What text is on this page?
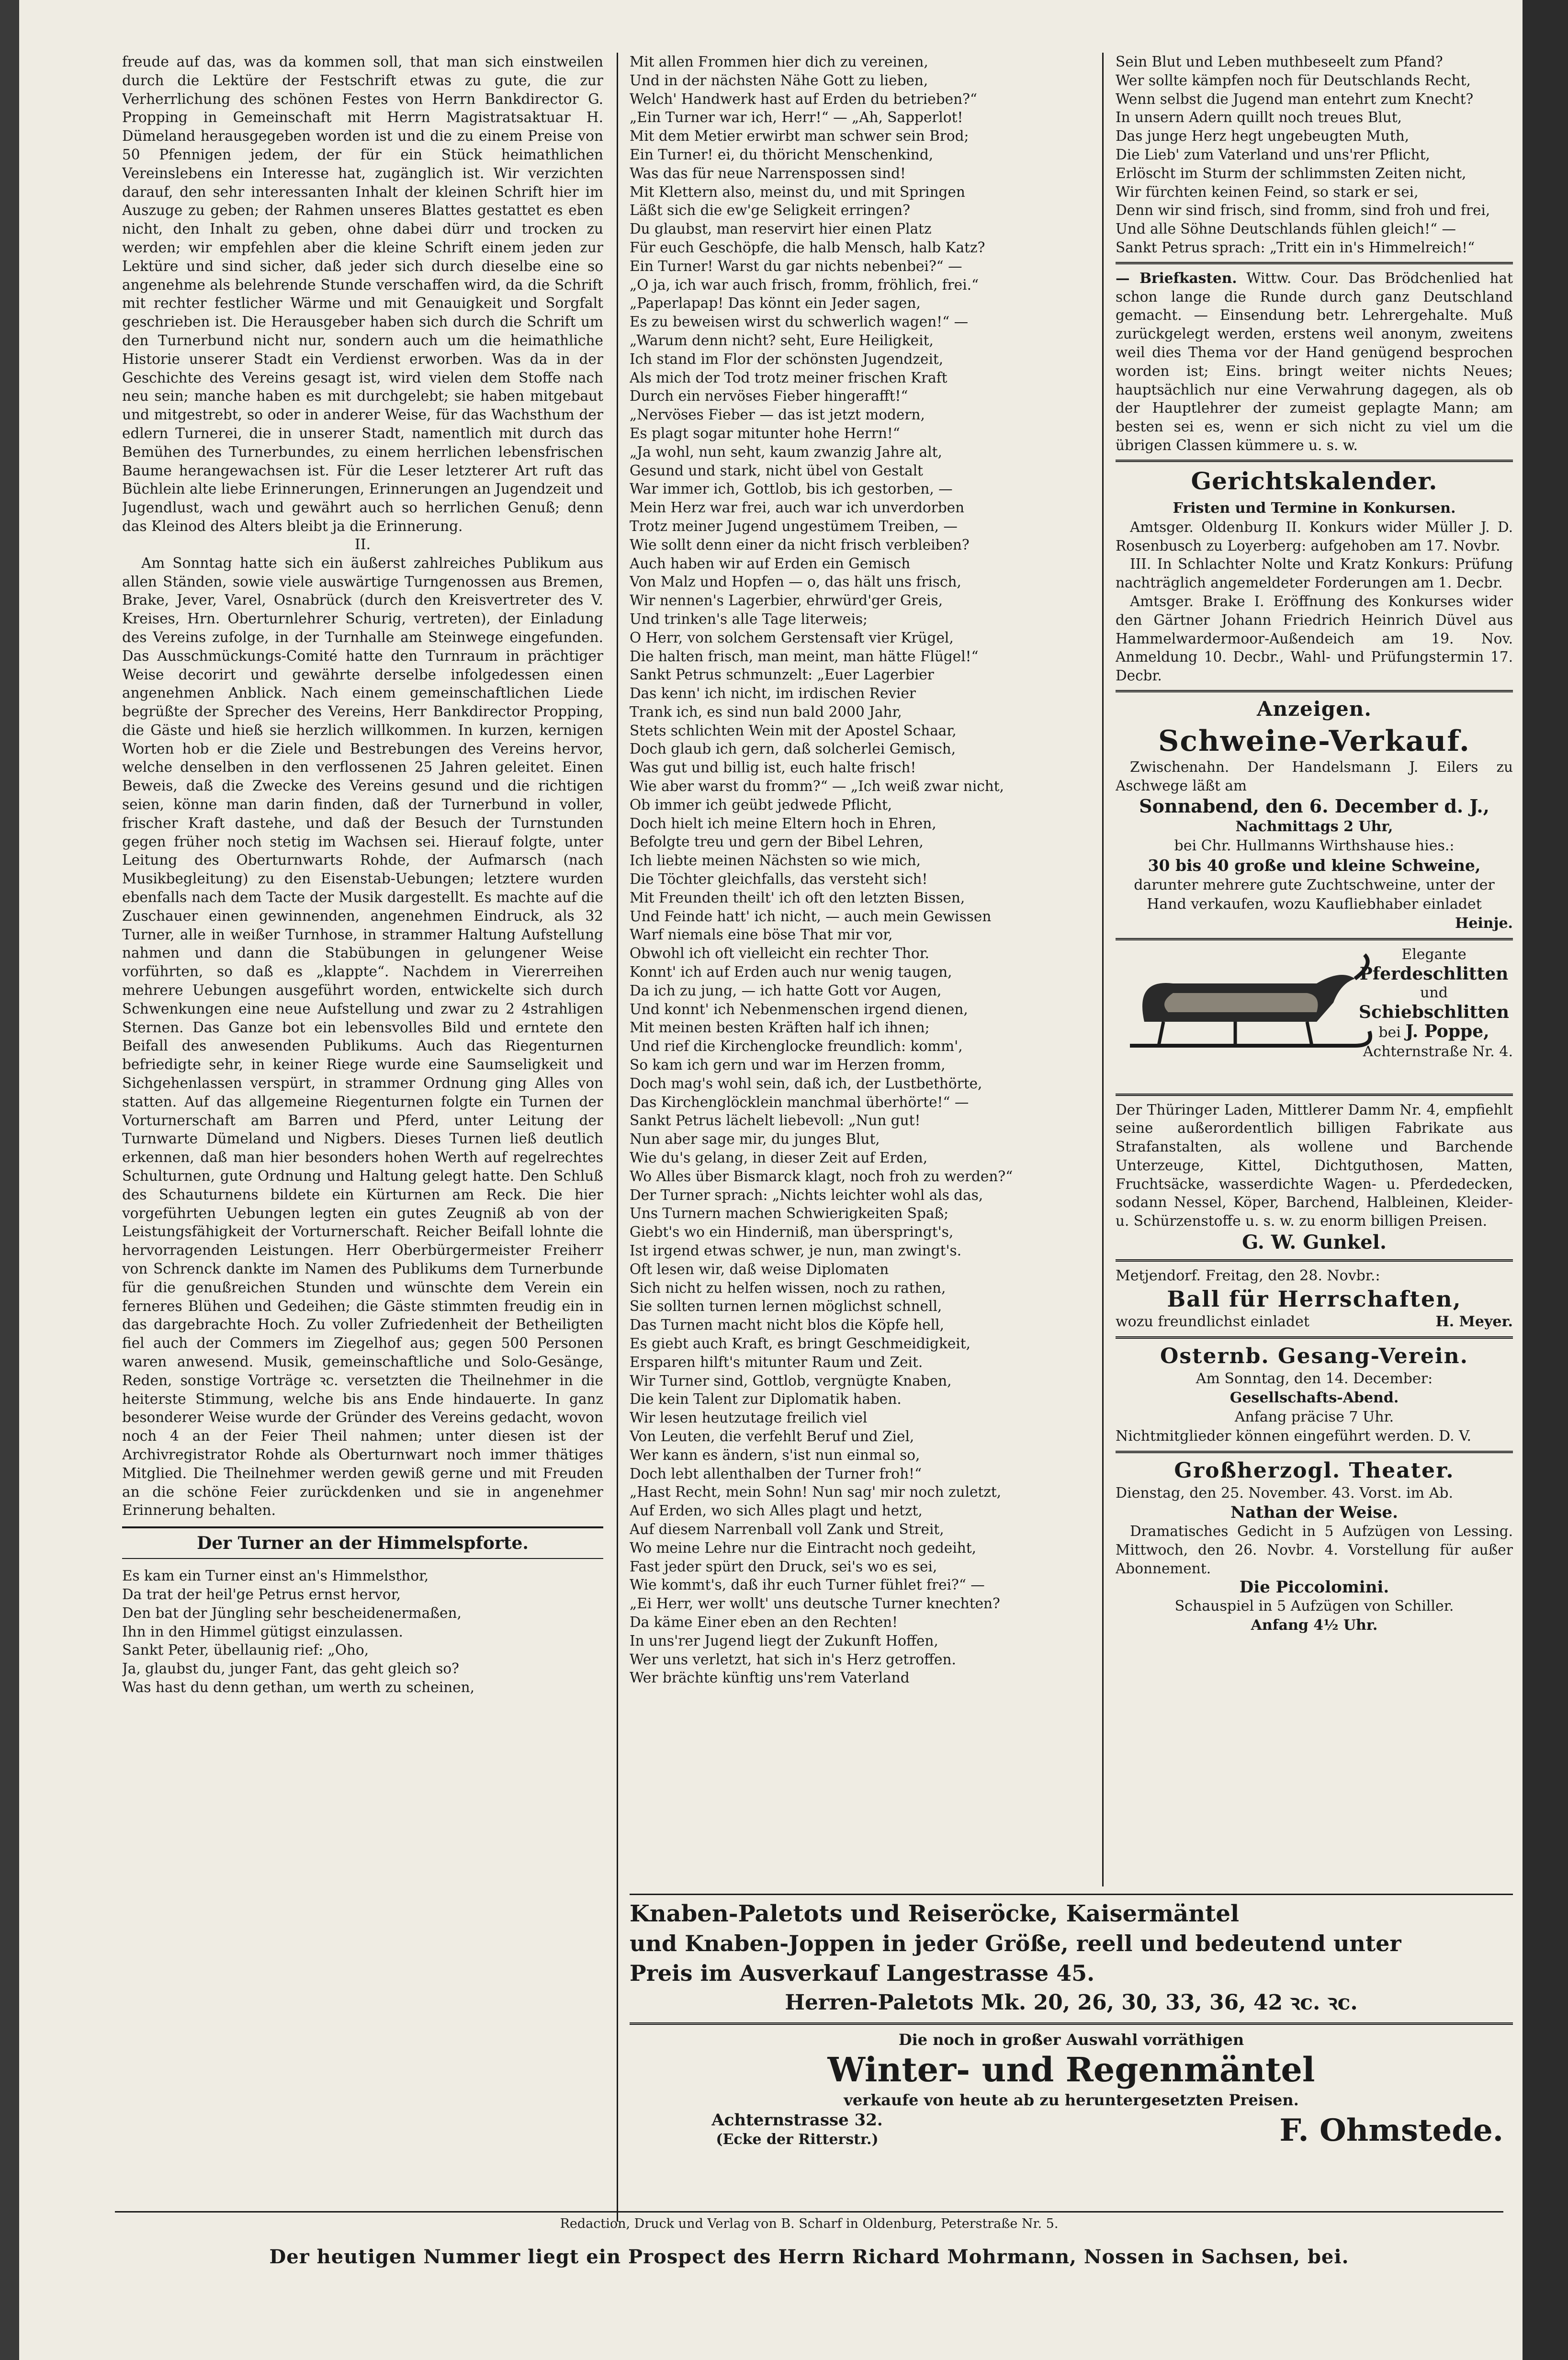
freude auf das, was da kommen soll, that man sich einstweilen durch die Lektüre der Festschrift etwas zu gute, die zur Verherrlichung des schönen Festes von Herrn Bankdirector G. Propping in Gemeinschaft mit Herrn Magistratsaktuar H. Dümeland herausgegeben worden ist und die zu einem Preise von 50 Pfennigen jedem, der für ein Stück heimathlichen Vereinslebens ein Interesse hat, zugänglich ist. Wir verzichten darauf, den sehr interessanten Inhalt der kleinen Schrift hier im Auszuge zu geben; der Rahmen unseres Blattes gestattet es eben nicht, den Inhalt zu geben, ohne dabei dürr und trocken zu werden; wir empfehlen aber die kleine Schrift einem jeden zur Lektüre und sind sicher, daß jeder sich durch dieselbe eine so angenehme als belehrende Stunde verschaffen wird, da die Schrift mit rechter festlicher Wärme und mit Genauigkeit und Sorgfalt geschrieben ist. Die Herausgeber haben sich durch die Schrift um den Turnerbund nicht nur, sondern auch um die heimathliche Historie unserer Stadt ein Verdienst erworben. Was da in der Geschichte des Vereins gesagt ist, wird vielen dem Stoffe nach neu sein; manche haben es mit durchgelebt; sie haben mitgebaut und mitgestrebt, so oder in anderer Weise, für das Wachsthum der edlern Turnerei, die in unserer Stadt, namentlich mit durch das Bemühen des Turnerbundes, zu einem herrlichen lebensfrischen Baume herangewachsen ist. Für die Leser letzterer Art ruft das Büchlein alte liebe Erinnerungen, Erinnerungen an Jugendzeit und Jugendlust, wach und gewährt auch so herrlichen Genuß; denn das Kleinod des Alters bleibt ja die Erinnerung.

II.

Am Sonntag hatte sich ein äußerst zahlreiches Publikum aus allen Ständen, sowie viele auswärtige Turngenossen aus Bremen, Brake, Jever, Varel, Osnabrück (durch den Kreisvertreter des V. Kreises, Hrn. Oberturnlehrer Schurig, vertreten), der Einladung des Vereins zufolge, in der Turnhalle am Steinwege eingefunden. Das Ausschmückungs-Comité hatte den Turnraum in prächtiger Weise decorirt und gewährte derselbe infolgedessen einen angenehmen Anblick. Nach einem gemeinschaftlichen Liede begrüßte der Sprecher des Vereins, Herr Bankdirector Propping, die Gäste und hieß sie herzlich willkommen. In kurzen, kernigen Worten hob er die Ziele und Bestrebungen des Vereins hervor, welche denselben in den verflossenen 25 Jahren geleitet. Einen Beweis, daß die Zwecke des Vereins gesund und die richtigen seien, könne man darin finden, daß der Turnerbund in voller, frischer Kraft dastehe, und daß der Besuch der Turnstunden gegen früher noch stetig im Wachsen sei. Hierauf folgte, unter Leitung des Oberturnwarts Rohde, der Aufmarsch (nach Musikbegleitung) zu den Eisenstab-Uebungen; letztere wurden ebenfalls nach dem Tacte der Musik dargestellt. Es machte auf die Zuschauer einen gewinnenden, angenehmen Eindruck, als 32 Turner, alle in weißer Turnhose, in strammer Haltung Aufstellung nahmen und dann die Stabübungen in gelungener Weise vorführten, so daß es „klappte“. Nachdem in Viererreihen mehrere Uebungen ausgeführt worden, entwickelte sich durch Schwenkungen eine neue Aufstellung und zwar zu 2 4strahligen Sternen. Das Ganze bot ein lebensvolles Bild und erntete den Beifall des anwesenden Publikums. Auch das Riegenturnen befriedigte sehr, in keiner Riege wurde eine Saumseligkeit und Sichgehenlassen verspürt, in strammer Ordnung ging Alles von statten. Auf das allgemeine Riegenturnen folgte ein Turnen der Vorturnerschaft am Barren und Pferd, unter Leitung der Turnwarte Dümeland und Nigbers. Dieses Turnen ließ deutlich erkennen, daß man hier besonders hohen Werth auf regelrechtes Schulturnen, gute Ordnung und Haltung gelegt hatte. Den Schluß des Schauturnens bildete ein Kürturnen am Reck. Die hier vorgeführten Uebungen legten ein gutes Zeugniß ab von der Leistungsfähigkeit der Vorturnerschaft. Reicher Beifall lohnte die hervorragenden Leistungen. Herr Oberbürgermeister Freiherr von Schrenck dankte im Namen des Publikums dem Turnerbunde für die genußreichen Stunden und wünschte dem Verein ein ferneres Blühen und Gedeihen; die Gäste stimmten freudig ein in das dargebrachte Hoch. Zu voller Zufriedenheit der Betheiligten fiel auch der Commers im Ziegelhof aus; gegen 500 Personen waren anwesend. Musik, gemeinschaftliche und Solo-Gesänge, Reden, sonstige Vorträge ꝛc. versetzten die Theilnehmer in die heiterste Stimmung, welche bis ans Ende hindauerte. In ganz besonderer Weise wurde der Gründer des Vereins gedacht, wovon noch 4 an der Feier Theil nahmen; unter diesen ist der Archivregistrator Rohde als Oberturnwart noch immer thätiges Mitglied. Die Theilnehmer werden gewiß gerne und mit Freuden an die schöne Feier zurückdenken und sie in angenehmer Erinnerung behalten.

Der Turner an der Himmelspforte.

Es kam ein Turner einst an's Himmelsthor,
Da trat der heil'ge Petrus ernst hervor,
Den bat der Jüngling sehr bescheidenermaßen,
Ihn in den Himmel gütigst einzulassen.
Sankt Peter, übellaunig rief: „Oho,
Ja, glaubst du, junger Fant, das geht gleich so?
Was hast du denn gethan, um werth zu scheinen,

Mit allen Frommen hier dich zu vereinen,
Und in der nächsten Nähe Gott zu lieben,
Welch' Handwerk hast auf Erden du betrieben?“
„Ein Turner war ich, Herr!“ — „Ah, Sapperlot!
Mit dem Metier erwirbt man schwer sein Brod;
Ein Turner! ei, du thöricht Menschenkind,
Was das für neue Narrenspossen sind!
Mit Klettern also, meinst du, und mit Springen
Läßt sich die ew'ge Seligkeit erringen?
Du glaubst, man reservirt hier einen Platz
Für euch Geschöpfe, die halb Mensch, halb Katz?
Ein Turner! Warst du gar nichts nebenbei?“ —
„O ja, ich war auch frisch, fromm, fröhlich, frei.“
„Paperlapap! Das könnt ein Jeder sagen,
Es zu beweisen wirst du schwerlich wagen!“ —
„Warum denn nicht? seht, Eure Heiligkeit,
Ich stand im Flor der schönsten Jugendzeit,
Als mich der Tod trotz meiner frischen Kraft
Durch ein nervöses Fieber hingerafft!“
„Nervöses Fieber — das ist jetzt modern,
Es plagt sogar mitunter hohe Herrn!“
„Ja wohl, nun seht, kaum zwanzig Jahre alt,
Gesund und stark, nicht übel von Gestalt
War immer ich, Gottlob, bis ich gestorben, —
Mein Herz war frei, auch war ich unverdorben
Trotz meiner Jugend ungestümem Treiben, —
Wie sollt denn einer da nicht frisch verbleiben?
Auch haben wir auf Erden ein Gemisch
Von Malz und Hopfen — o, das hält uns frisch,
Wir nennen's Lagerbier, ehrwürd'ger Greis,
Und trinken's alle Tage literweis;
O Herr, von solchem Gerstensaft vier Krügel,
Die halten frisch, man meint, man hätte Flügel!“
Sankt Petrus schmunzelt: „Euer Lagerbier
Das kenn' ich nicht, im irdischen Revier
Trank ich, es sind nun bald 2000 Jahr,
Stets schlichten Wein mit der Apostel Schaar,
Doch glaub ich gern, daß solcherlei Gemisch,
Was gut und billig ist, euch halte frisch!
Wie aber warst du fromm?“ — „Ich weiß zwar nicht,
Ob immer ich geübt jedwede Pflicht,
Doch hielt ich meine Eltern hoch in Ehren,
Befolgte treu und gern der Bibel Lehren,
Ich liebte meinen Nächsten so wie mich,
Die Töchter gleichfalls, das versteht sich!
Mit Freunden theilt' ich oft den letzten Bissen,
Und Feinde hatt' ich nicht, — auch mein Gewissen
Warf niemals eine böse That mir vor,
Obwohl ich oft vielleicht ein rechter Thor.
Konnt' ich auf Erden auch nur wenig taugen,
Da ich zu jung, — ich hatte Gott vor Augen,
Und konnt' ich Nebenmenschen irgend dienen,
Mit meinen besten Kräften half ich ihnen;
Und rief die Kirchenglocke freundlich: komm',
So kam ich gern und war im Herzen fromm,
Doch mag's wohl sein, daß ich, der Lustbethörte,
Das Kirchenglöcklein manchmal überhörte!“ —
Sankt Petrus lächelt liebevoll: „Nun gut!
Nun aber sage mir, du junges Blut,
Wie du's gelang, in dieser Zeit auf Erden,
Wo Alles über Bismarck klagt, noch froh zu werden?“
Der Turner sprach: „Nichts leichter wohl als das,
Uns Turnern machen Schwierigkeiten Spaß;
Giebt's wo ein Hinderniß, man überspringt's,
Ist irgend etwas schwer, je nun, man zwingt's.
Oft lesen wir, daß weise Diplomaten
Sich nicht zu helfen wissen, noch zu rathen,
Sie sollten turnen lernen möglichst schnell,
Das Turnen macht nicht blos die Köpfe hell,
Es giebt auch Kraft, es bringt Geschmeidigkeit,
Ersparen hilft's mitunter Raum und Zeit.
Wir Turner sind, Gottlob, vergnügte Knaben,
Die kein Talent zur Diplomatik haben.
Wir lesen heutzutage freilich viel
Von Leuten, die verfehlt Beruf und Ziel,
Wer kann es ändern, s'ist nun einmal so,
Doch lebt allenthalben der Turner froh!“
„Hast Recht, mein Sohn! Nun sag' mir noch zuletzt,
Auf Erden, wo sich Alles plagt und hetzt,
Auf diesem Narrenball voll Zank und Streit,
Wo meine Lehre nur die Eintracht noch gedeiht,
Fast jeder spürt den Druck, sei's wo es sei,
Wie kommt's, daß ihr euch Turner fühlet frei?“ —
„Ei Herr, wer wollt' uns deutsche Turner knechten?
Da käme Einer eben an den Rechten!
In uns'rer Jugend liegt der Zukunft Hoffen,
Wer uns verletzt, hat sich in's Herz getroffen.
Wer brächte künftig uns'rem Vaterland

Sein Blut und Leben muthbeseelt zum Pfand?
Wer sollte kämpfen noch für Deutschlands Recht,
Wenn selbst die Jugend man entehrt zum Knecht?
In unsern Adern quillt noch treues Blut,
Das junge Herz hegt ungebeugten Muth,
Die Lieb' zum Vaterland und uns'rer Pflicht,
Erlöscht im Sturm der schlimmsten Zeiten nicht,
Wir fürchten keinen Feind, so stark er sei,
Denn wir sind frisch, sind fromm, sind froh und frei,
Und alle Söhne Deutschlands fühlen gleich!“ —
Sankt Petrus sprach: „Tritt ein in's Himmelreich!“

— Briefkasten. Wittw. Cour. Das Brödchenlied hat schon lange die Runde durch ganz Deutschland gemacht. — Einsendung betr. Lehrergehalte. Muß zurückgelegt werden, erstens weil anonym, zweitens weil dies Thema vor der Hand genügend besprochen worden ist; Eins. bringt weiter nichts Neues; hauptsächlich nur eine Verwahrung dagegen, als ob der Hauptlehrer der zumeist geplagte Mann; am besten sei es, wenn er sich nicht zu viel um die übrigen Classen kümmere u. s. w.

Gerichtskalender.

Fristen und Termine in Konkursen.

Amtsger. Oldenburg II. Konkurs wider Müller J. D. Rosenbusch zu Loyerberg: aufgehoben am 17. Novbr.

III. In Schlachter Nolte und Kratz Konkurs: Prüfung nachträglich angemeldeter Forderungen am 1. Decbr.

Amtsger. Brake I. Eröffnung des Konkurses wider den Gärtner Johann Friedrich Heinrich Düvel aus Hammelwardermoor-Außendeich am 19. Nov. Anmeldung 10. Decbr., Wahl- und Prüfungstermin 17. Decbr.

Anzeigen.
Schweine-Verkauf.

Zwischenahn. Der Handelsmann J. Eilers zu Aschwege läßt am

Sonnabend, den 6. December d. J.,

Nachmittags 2 Uhr,

bei Chr. Hullmanns Wirthshause hies.:

30 bis 40 große und kleine Schweine,

darunter mehrere gute Zuchtschweine, unter der Hand verkaufen, wozu Kaufliebhaber einladet

Heinje.

Elegante
Pferdeschlitten
und
Schiebschlitten
bei J. Poppe,
Achternstraße Nr. 4.

Der Thüringer Laden, Mittlerer Damm Nr. 4, empfiehlt seine außerordentlich billigen Fabrikate aus Strafanstalten, als wollene und Barchende Unterzeuge, Kittel, Dichtguthosen, Matten, Fruchtsäcke, wasserdichte Wagen- u. Pferdedecken, sodann Nessel, Köper, Barchend, Halbleinen, Kleider- u. Schürzenstoffe u. s. w. zu enorm billigen Preisen.

G. W. Gunkel.

Metjendorf. Freitag, den 28. Novbr.:

Ball für Herrschaften,

wozu freundlichst einladet	H. Meyer.

Osternb. Gesang-Verein.

Am Sonntag, den 14. December:

Gesellschafts-Abend.

Anfang präcise 7 Uhr.

Nichtmitglieder können eingeführt werden. D. V.

Großherzogl. Theater.

Dienstag, den 25. November. 43. Vorst. im Ab.

Nathan der Weise.

Dramatisches Gedicht in 5 Aufzügen von Lessing. Mittwoch, den 26. Novbr. 4. Vorstellung für außer Abonnement.

Die Piccolomini.

Schauspiel in 5 Aufzügen von Schiller.

Anfang 4½ Uhr.

Knaben-Paletots und Reiseröcke, Kaisermäntel

und Knaben-Joppen in jeder Größe, reell und bedeutend unter

Preis im Ausverkauf Langestrasse 45.

Herren-Paletots Mk. 20, 26, 30, 33, 36, 42 ꝛc. ꝛc.

Die noch in großer Auswahl vorräthigen

Winter- und Regenmäntel

verkaufe von heute ab zu heruntergesetzten Preisen.

Achternstrasse 32.
(Ecke der Ritterstr.)	F. Ohmstede.
Redaction, Druck und Verlag von B. Scharf in Oldenburg, Peterstraße Nr. 5.
Der heutigen Nummer liegt ein Prospect des Herrn Richard Mohrmann, Nossen in Sachsen, bei.
